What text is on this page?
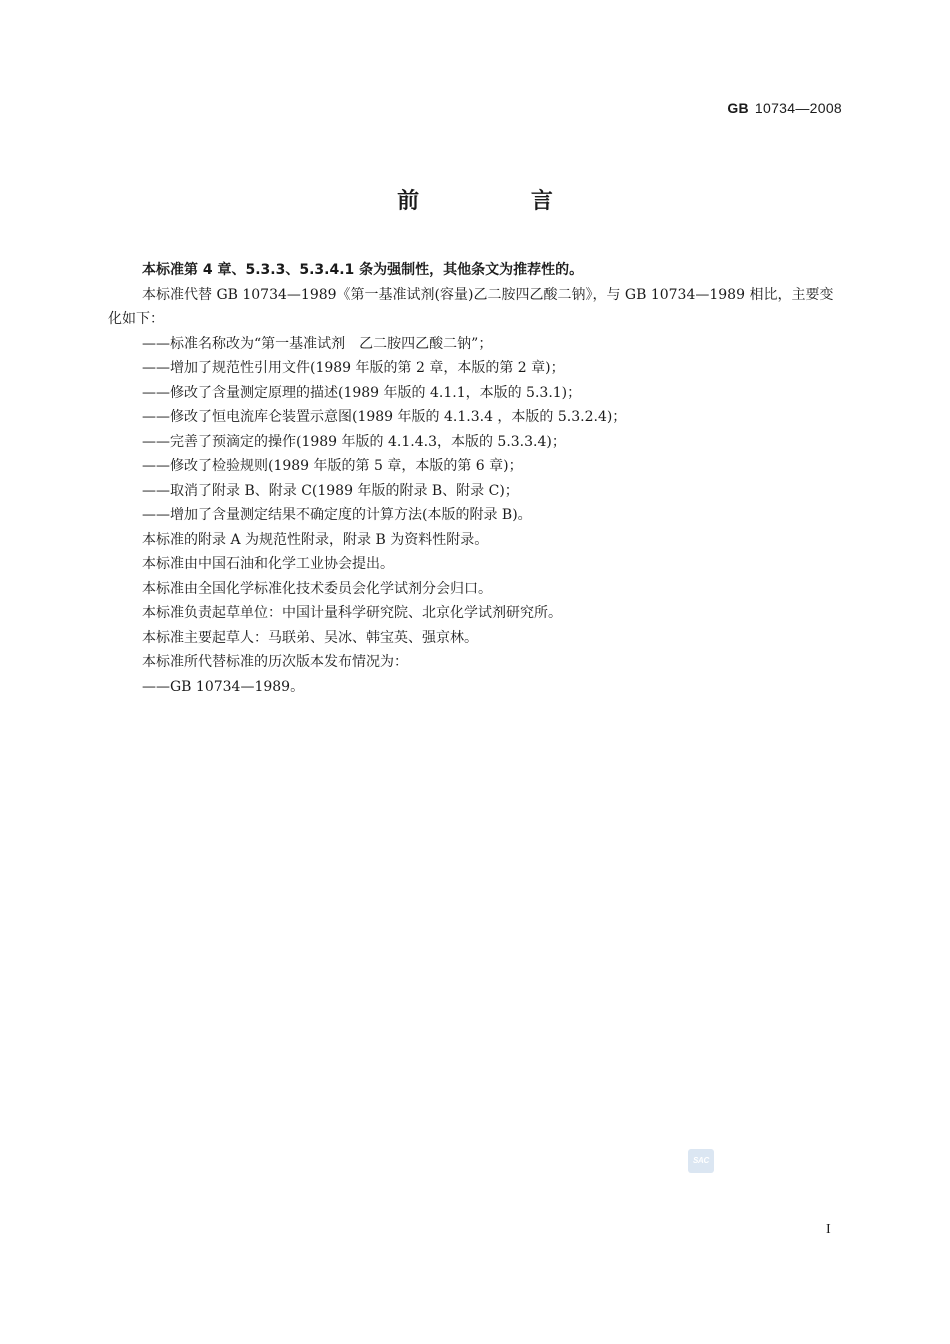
GB 10734—2008
前 言

本标准第 4 章、5.3.3、5.3.4.1 条为强制性，其他条文为推荐性的。

本标准代替 GB 10734—1989《第一基准试剂(容量)乙二胺四乙酸二钠》，与 GB 10734—1989 相比，主要变化如下：

——标准名称改为“第一基准试剂　乙二胺四乙酸二钠”；

——增加了规范性引用文件(1989 年版的第 2 章，本版的第 2 章)；

——修改了含量测定原理的描述(1989 年版的 4.1.1，本版的 5.3.1)；

——修改了恒电流库仑装置示意图(1989 年版的 4.1.3.4 ，本版的 5.3.2.4)；

——完善了预滴定的操作(1989 年版的 4.1.4.3，本版的 5.3.3.4)；

——修改了检验规则(1989 年版的第 5 章，本版的第 6 章)；

——取消了附录 B、附录 C(1989 年版的附录 B、附录 C)；

——增加了含量测定结果不确定度的计算方法(本版的附录 B)。

本标准的附录 A 为规范性附录，附录 B 为资料性附录。

本标准由中国石油和化学工业协会提出。

本标准由全国化学标准化技术委员会化学试剂分会归口。

本标准负责起草单位：中国计量科学研究院、北京化学试剂研究所。

本标准主要起草人：马联弟、吴冰、韩宝英、强京林。

本标准所代替标准的历次版本发布情况为：

——GB 10734—1989。

SAC
I
